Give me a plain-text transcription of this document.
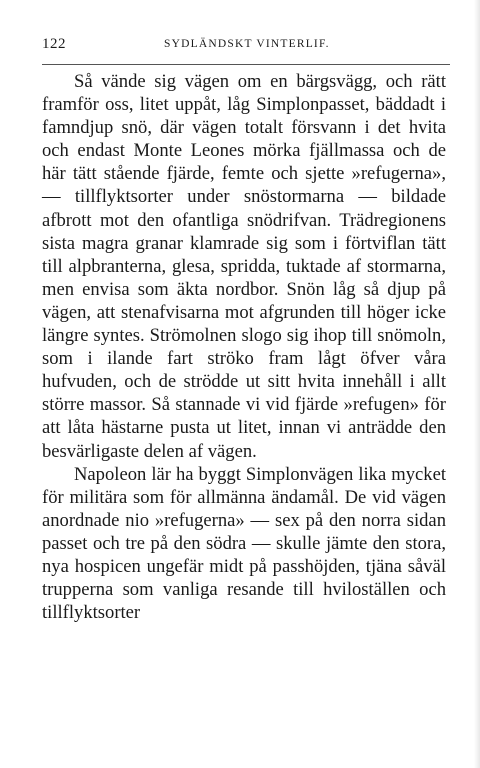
122	SYDLÄNDSKT VINTERLIF.

Så vände sig vägen om en bärgsvägg, och rätt framför oss, litet uppåt, låg Simplonpasset, bäddadt i famndjup snö, där vägen totalt försvann i det hvita och endast Monte Leones mörka fjällmassa och de här tätt stående fjärde, femte och sjette »refugerna», — tillflyktsorter under snöstormarna — bildade afbrott mot den ofantliga snödrifvan. Trädregionens sista magra granar klamrade sig som i förtviflan tätt till alpbranterna, glesa, spridda, tuktade af stormarna, men envisa som äkta nordbor. Snön låg så djup på vägen, att stenafvisarna mot afgrunden till höger icke längre syntes. Strömolnen slogo sig ihop till snömoln, som i ilande fart ströko fram lågt öfver våra hufvuden, och de strödde ut sitt hvita innehåll i allt större massor. Så stannade vi vid fjärde »refugen» för att låta hästarne pusta ut litet, innan vi anträdde den besvärligaste delen af vägen.

Napoleon lär ha byggt Simplonvägen lika mycket för militära som för allmänna ändamål. De vid vägen anordnade nio »refugerna» — sex på den norra sidan passet och tre på den södra — skulle jämte den stora, nya hospicen ungefär midt på passhöjden, tjäna såväl trupperna som vanliga resande till hviloställen och tillflyktsorter
